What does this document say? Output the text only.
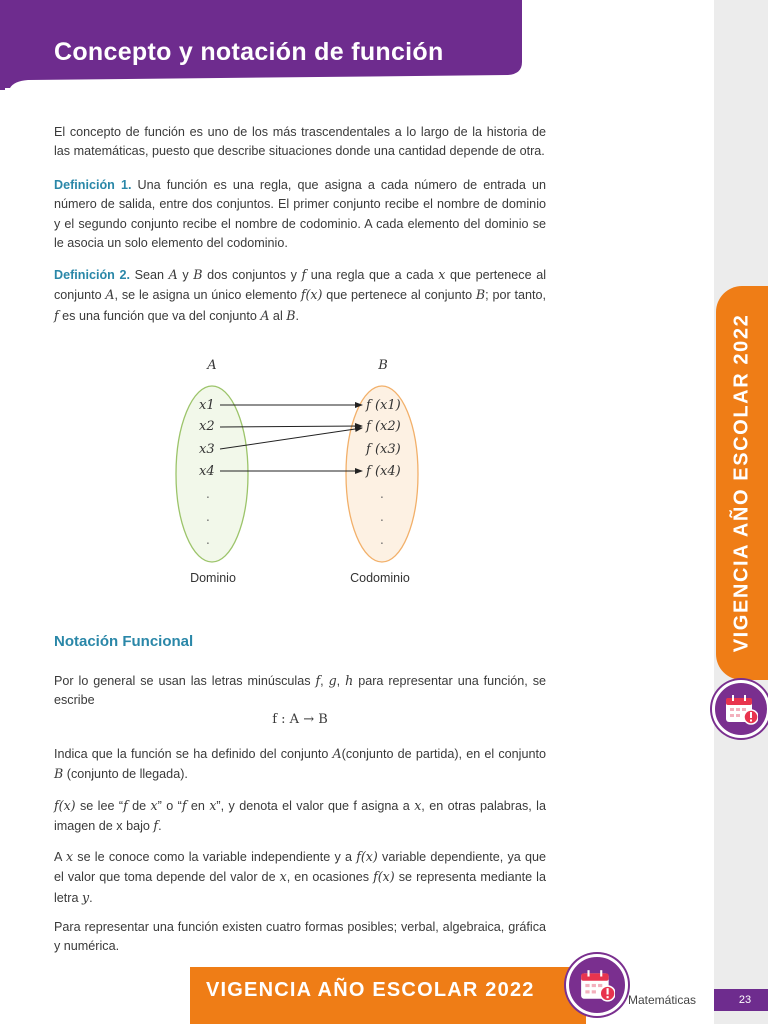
Concepto y notación de función

El concepto de función es uno de los más trascendentales a lo largo de la historia de las matemáticas, puesto que describe situaciones donde una cantidad depende de otra.

Definición 1. Una función es una regla, que asigna a cada número de entrada un número de salida, entre dos conjuntos. El primer conjunto recibe el nombre de dominio y el segundo conjunto recibe el nombre de codominio. A cada elemento del dominio se le asocia un solo elemento del codominio.

Definición 2. Sean A y B dos conjuntos y f una regla que a cada x que pertenece al conjunto A, se le asigna un único elemento f(x) que pertenece al conjunto B; por tanto, f es una función que va del conjunto A al B.

A	B
x1
x2
x3
x4
.
.
.
f (x1)
f (x2)
f (x3)
f (x4)
.
.
.
Dominio	Codominio
Notación Funcional

Por lo general se usan las letras minúsculas f, g, h para representar una función, se escribe

f : A → B

Indica que la función se ha definido del conjunto A(conjunto de partida), en el conjunto B (conjunto de llegada).

f(x) se lee “f de x” o “f en x”, y denota el valor que f asigna a x, en otras palabras, la imagen de x bajo f.

A x se le conoce como la variable independiente y a f(x) variable dependiente, ya que el valor que toma depende del valor de x, en ocasiones f(x) se representa mediante la letra y.

Para representar una función existen cuatro formas posibles; verbal, algebraica, gráfica y numérica.

VIGENCIA AÑO ESCOLAR 2022
VIGENCIA AÑO ESCOLAR 2022	Matemáticas	23
